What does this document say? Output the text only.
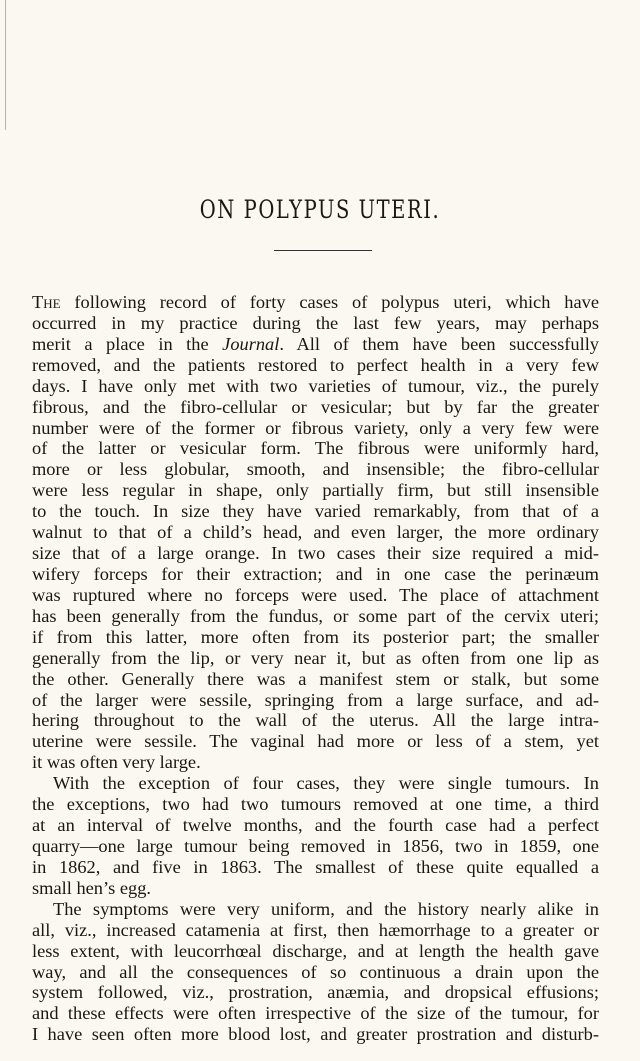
ON POLYPUS UTERI.
The following record of forty cases of polypus uteri, which have
occurred in my practice during the last few years, may perhaps
merit a place in the Journal. All of them have been successfully
removed, and the patients restored to perfect health in a very few
days. I have only met with two varieties of tumour, viz., the purely
fibrous, and the fibro-cellular or vesicular; but by far the greater
number were of the former or fibrous variety, only a very few were
of the latter or vesicular form. The fibrous were uniformly hard,
more or less globular, smooth, and insensible; the fibro-cellular
were less regular in shape, only partially firm, but still insensible
to the touch. In size they have varied remarkably, from that of a
walnut to that of a child’s head, and even larger, the more ordinary
size that of a large orange. In two cases their size required a mid-
wifery forceps for their extraction; and in one case the perinæum
was ruptured where no forceps were used. The place of attachment
has been generally from the fundus, or some part of the cervix uteri;
if from this latter, more often from its posterior part; the smaller
generally from the lip, or very near it, but as often from one lip as
the other. Generally there was a manifest stem or stalk, but some
of the larger were sessile, springing from a large surface, and ad-
hering throughout to the wall of the uterus. All the large intra-
uterine were sessile. The vaginal had more or less of a stem, yet
it was often very large.
With the exception of four cases, they were single tumours. In
the exceptions, two had two tumours removed at one time, a third
at an interval of twelve months, and the fourth case had a perfect
quarry—one large tumour being removed in 1856, two in 1859, one
in 1862, and five in 1863. The smallest of these quite equalled a
small hen’s egg.
The symptoms were very uniform, and the history nearly alike in
all, viz., increased catamenia at first, then hæmorrhage to a greater or
less extent, with leucorrhœal discharge, and at length the health gave
way, and all the consequences of so continuous a drain upon the
system followed, viz., prostration, anæmia, and dropsical effusions;
and these effects were often irrespective of the size of the tumour, for
I have seen often more blood lost, and greater prostration and disturb-
